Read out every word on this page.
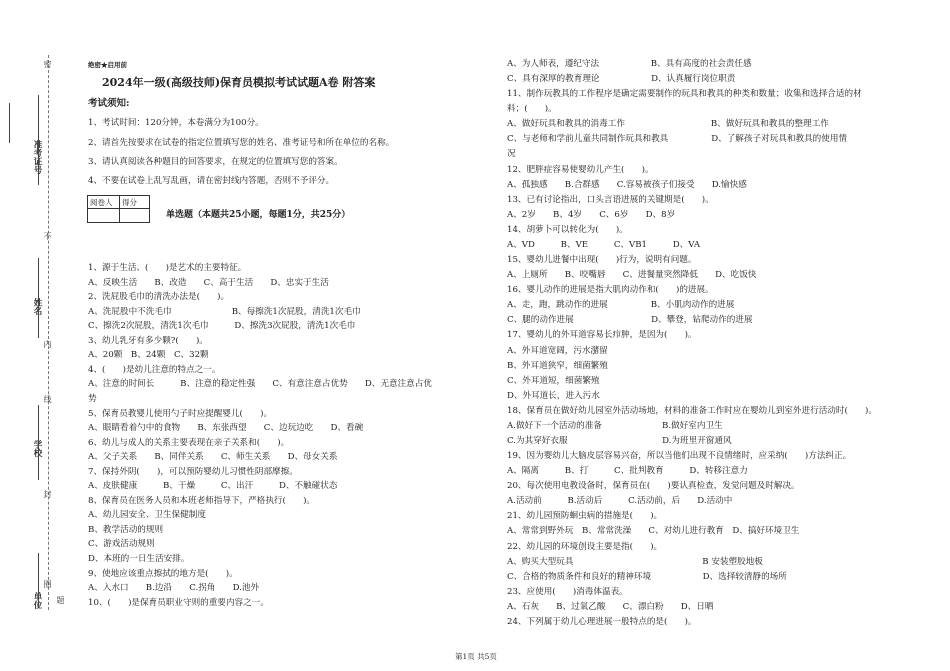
密
不
内
线
封
圈
题
准考证号
姓名
学校
单位
绝密★启用前
2024年一级(高级技师)保育员模拟考试试题A卷 附答案
考试须知:
1、考试时间：120分钟，本卷满分为100分。
2、请首先按要求在试卷的指定位置填写您的姓名、准考证号和所在单位的名称。
3、请认真阅读各种题目的回答要求，在规定的位置填写您的答案。
4、不要在试卷上乱写乱画，请在密封线内答题，否则不予评分。
阅卷人	得分
单选题（本题共25小题，每题1分，共25分）
1、源于生活、(　　)是艺术的主要特征。
A、反映生活　　B、改造　　C、高于生活　　D、忠实于生活
2、洗屁股毛巾的清洗办法是(　　)。
A、洗屁股中不洗毛巾　　　　　　　B、每擦洗1次屁股，清洗1次毛巾
C、擦洗2次屁股，清洗1次毛巾　　　D、擦洗3次屁股，清洗1次毛巾
3、幼儿乳牙有多少颗?(　　)。
A、20颗　B、24颗　C、32颗
4、(　　)是幼儿注意的特点之一。
A、注意的时间长　　　B、注意的稳定性强　　C、有意注意占优势　　D、无意注意占优
势
5、保育员教婴儿使用勺子时应提醒婴儿(　　)。
A、眼睛看着勺中的食物　　B、东张西望　　C、边玩边吃　　D、看碗
6、幼儿与成人的关系主要表现在亲子关系和(　　)。
A、父子关系　　B、同伴关系　　C、师生关系　　D、母女关系
7、保持外阴(　　)，可以预防婴幼儿习惯性阴部摩擦。
A、皮肤健康　　　B、干燥　　　C、出汗　　　D、不触碰状态
8、保育员在医务人员和本班老师指导下，严格执行(　　)。
A、幼儿园安全、卫生保健制度
B、教学活动的规则
C、游戏活动规则
D、本班的一日生活安排。
9、使地应该重点擦拭的地方是(　　)。
A、入水口　　B.边沿　　C.拐角　　D.池外
10、(　　)是保育员职业守则的重要内容之一。
A、为人师表，遵纪守法　　　　　　B、具有高度的社会责任感
C、具有深厚的教育理论　　　　　　D、认真履行岗位职责
11、制作玩教具的工作程序是确定需要制作的玩具和教具的种类和数量；收集和选择合适的材
料；(　　)。
A、做好玩具和教具的消毒工作　　　　　　　　　　B、做好玩具和教具的整理工作
C、与老师和学前儿童共同制作玩具和教具　　　　　D、了解孩子对玩具和教具的使用情
况
12、肥胖症容易使婴幼儿产生(　　)。
A、孤独感　　B.合群感　　C.容易被孩子们接受　　D.愉快感
13、已有讨论指出，口头言语进展的关键期是(　　)。
A、2岁　　B、4岁　　C、6岁　　D、8岁
14、胡萝卜可以转化为(　　)。
A、VD　　　B、VE　　　C、VB1　　　D、VA
15、婴幼儿进餐中出现(　　)行为，说明有问题。
A、上厕所　　B、咬嘴唇　　C、进餐量突然降低　　D、吃饭快
16、婴儿动作的进展是指大肌肉动作和(　　)的进展。
A、走，跑，跳动作的进展　　　　　B、小肌肉动作的进展
C、腿的动作进展　　　　　　　　　D、攀登，钻爬动作的进展
17、婴幼儿的外耳道容易长疖肿，是因为(　　)。
A、外耳道宽阔，污水潴留
B、外耳道狭窄，细菌繁殖
C、外耳道短，细菌繁殖
D、外耳道长，进入污水
18、保育员在做好幼儿园室外活动场地，材料的准备工作时应在婴幼儿到室外进行活动时(　　)。
A.做好下一个活动的准备　　　　　　　B.做好室内卫生
C.为其穿好衣服　　　　　　　　　　　D.为班里开窗通风
19、因为婴幼儿大脑皮层容易兴奋，所以当他们出现不良情绪时，应采纳(　　)方法纠正。
A、隔离　　　B、打　　　C、批判教育　　　D、转移注意力
20、每次使用电教设备时，保育员在(　　)要认真检查，发觉问题及时解决。
A.活动前　　　B.活动后　　　C.活动前，后　　D.活动中
21、幼儿园预防蛔虫病的措施是(　　)。
A、常常到野外玩　B、常常洗澡　　C、对幼儿进行教育　D、搞好环境卫生
22、幼儿园的环境创设主要是指(　　)。
A、购买大型玩具　　　　　　　　　　　　　　　B 安装塑胶地板
C、合格的物质条件和良好的精神环境　　　　　　D、选择较清静的场所
23、应使用(　　)消毒体温表。
A、石灰　　B、过氧乙酸　　C、漂白粉　　D、日晒
24、下列属于幼儿心理进展一般特点的是(　　)。
第1页 共5页
